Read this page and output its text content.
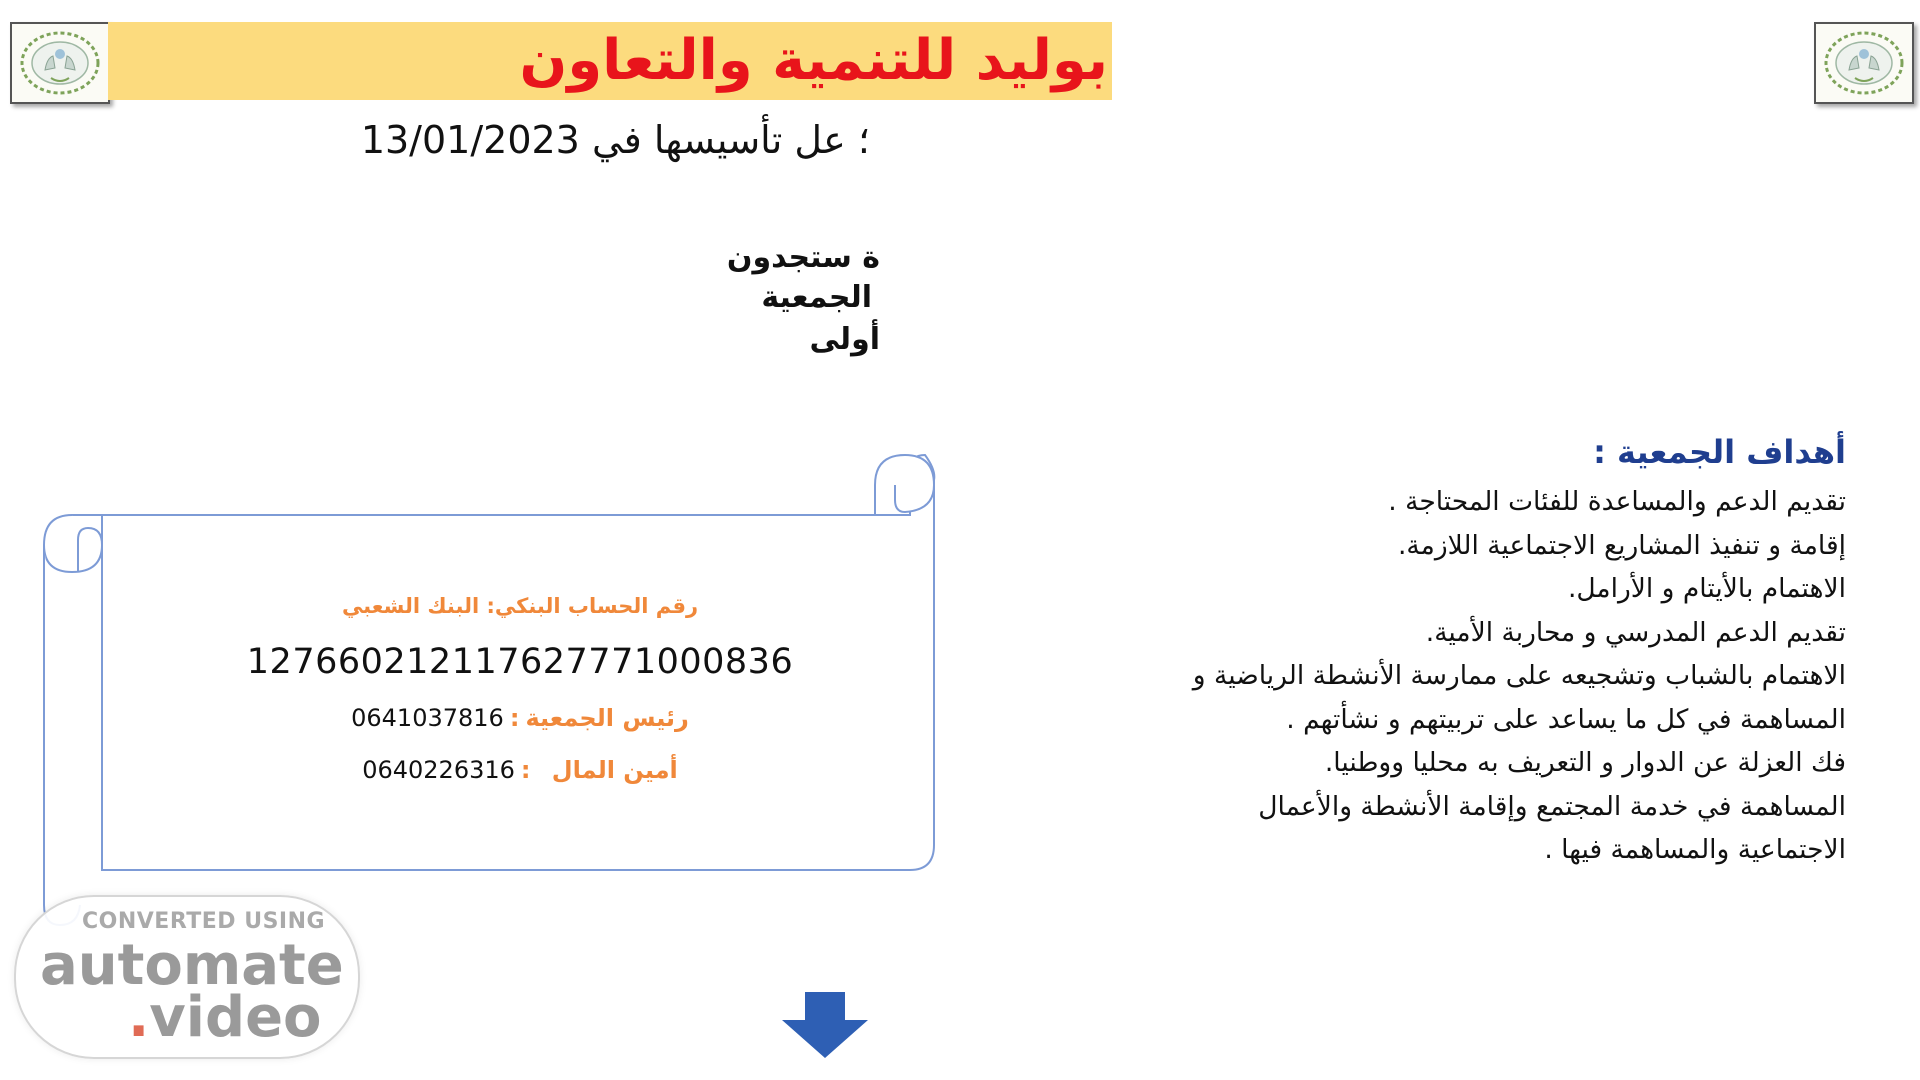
بوليد للتنمية والتعاون
؛ عل تأسيسها في 13/01/2023
ة ستجدون
الجمعية
أولى
أهداف الجمعية :
تقديم الدعم والمساعدة للفئات المحتاجة .
إقامة و تنفيذ المشاريع الاجتماعية اللازمة.
الاهتمام بالأيتام و الأرامل.
تقديم الدعم المدرسي و محاربة الأمية.
الاهتمام بالشباب وتشجيعه على ممارسة الأنشطة الرياضية و
المساهمة في كل ما يساعد على تربيتهم و نشأتهم .
فك العزلة عن الدوار و التعريف به محليا ووطنيا.
المساهمة في خدمة المجتمع وإقامة الأنشطة والأعمال
الاجتماعية والمساهمة فيها .
رقم الحساب البنكي: البنك الشعبي
127660212117627771000836
0641037816 : رئيس الجمعية
0640226316 : أمين المال
CONVERTED USING
automate
.video
